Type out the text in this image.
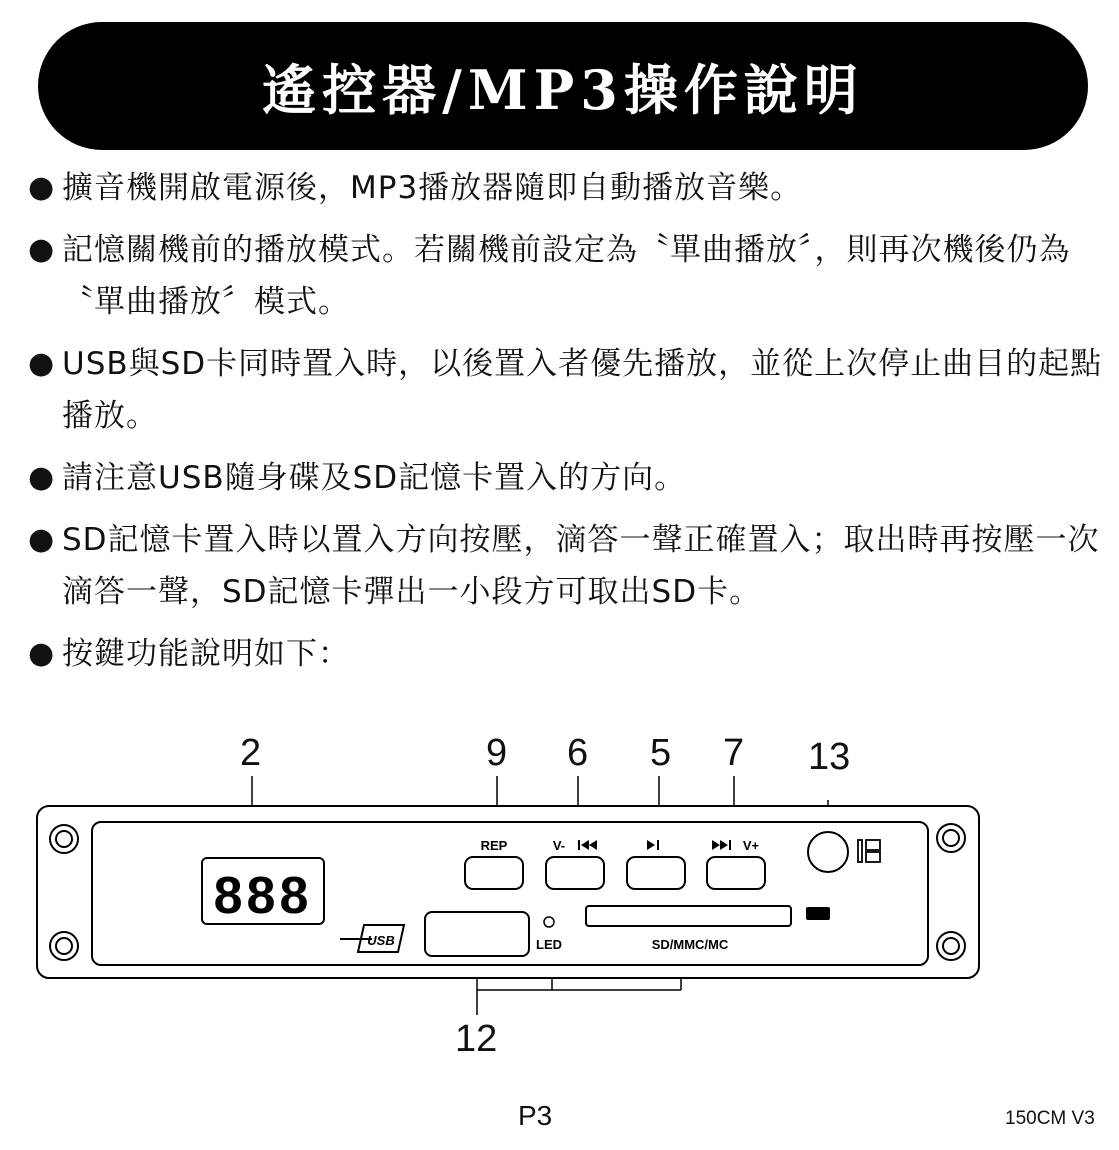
遙控器/MP3操作說明
● 擴音機開啟電源後，MP3播放器隨即自動播放音樂。
● 記憶關機前的播放模式。若關機前設定為〝單曲播放〞，則再次機後仍為〝單曲播放〞模式。
● USB與SD卡同時置入時，以後置入者優先播放，並從上次停止曲目的起點播放。
● 請注意USB隨身碟及SD記憶卡置入的方向。
● SD記憶卡置入時以置入方向按壓，滴答一聲正確置入；取出時再按壓一次滴答一聲，SD記憶卡彈出一小段方可取出SD卡。
● 按鍵功能說明如下：
2	9 6 5 7 13
12
888
USB	LED	SD/MMC/MC
REP	V-	V+
P3	150CM V3
